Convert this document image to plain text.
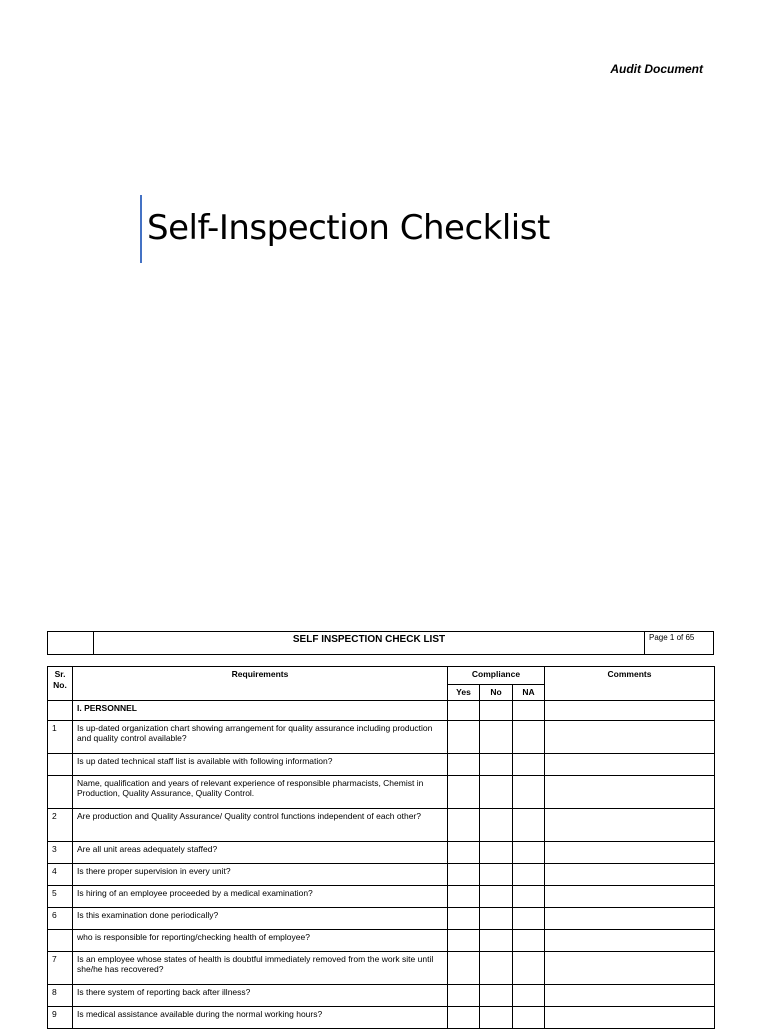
Audit Document
Self-Inspection Checklist
SELF INSPECTION CHECK LIST	Page 1 of 65
Sr. No.	Requirements	Compliance			Comments
		Yes	No	NA	
	I. PERSONNEL				
1	Is up-dated organization chart showing arrangement for quality assurance including production and quality control available?				
	Is up dated technical staff list is available with following information?				
	Name, qualification and years of relevant experience of responsible pharmacists, Chemist in Production, Quality Assurance, Quality Control.				
2	Are production and Quality Assurance/ Quality control functions independent of each other?				
3	Are all unit areas adequately staffed?				
4	Is there proper supervision in every unit?				
5	Is hiring of an employee proceeded by a medical examination?				
6	Is this examination done periodically?				
	who is responsible for reporting/checking health of employee?				
7	Is an employee whose states of health is doubtful immediately removed from the work site until she/he has recovered?				
8	Is there system of reporting back after illness?				
9	Is medical assistance available during the normal working hours?				
